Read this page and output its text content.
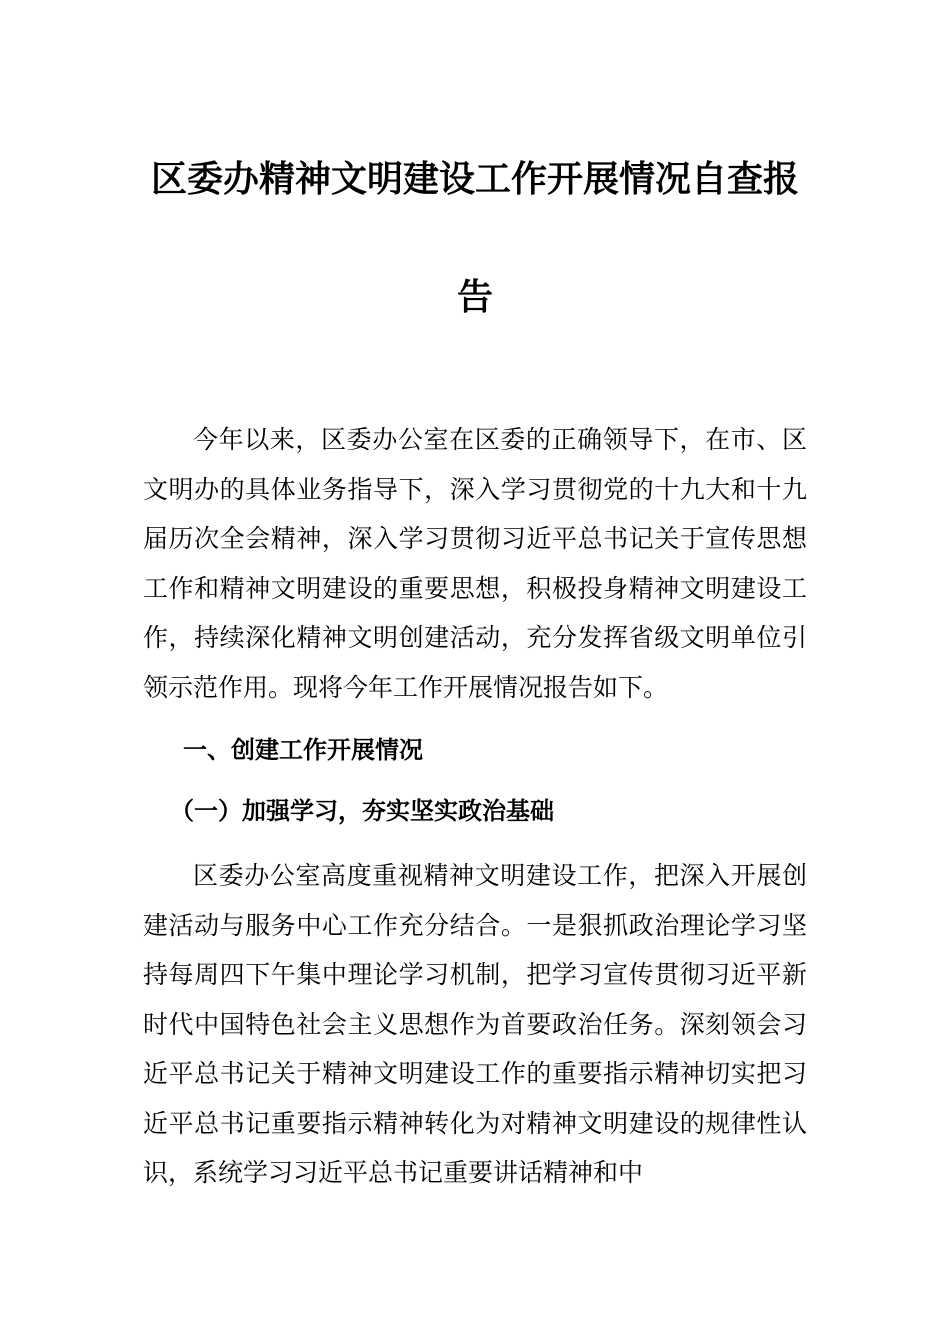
区委办精神文明建设工作开展情况自查报
告

今年以来，区委办公室在区委的正确领导下，在市、区文明办的具体业务指导下，深入学习贯彻党的十九大和十九届历次全会精神，深入学习贯彻习近平总书记关于宣传思想工作和精神文明建设的重要思想，积极投身精神文明建设工作，持续深化精神文明创建活动，充分发挥省级文明单位引领示范作用。现将今年工作开展情况报告如下。

一、创建工作开展情况
（一）加强学习，夯实坚实政治基础

区委办公室高度重视精神文明建设工作，把深入开展创建活动与服务中心工作充分结合。一是狠抓政治理论学习坚持每周四下午集中理论学习机制，把学习宣传贯彻习近平新时代中国特色社会主义思想作为首要政治任务。深刻领会习近平总书记关于精神文明建设工作的重要指示精神切实把习近平总书记重要指示精神转化为对精神文明建设的规律性认识，系统学习习近平总书记重要讲话精神和中
